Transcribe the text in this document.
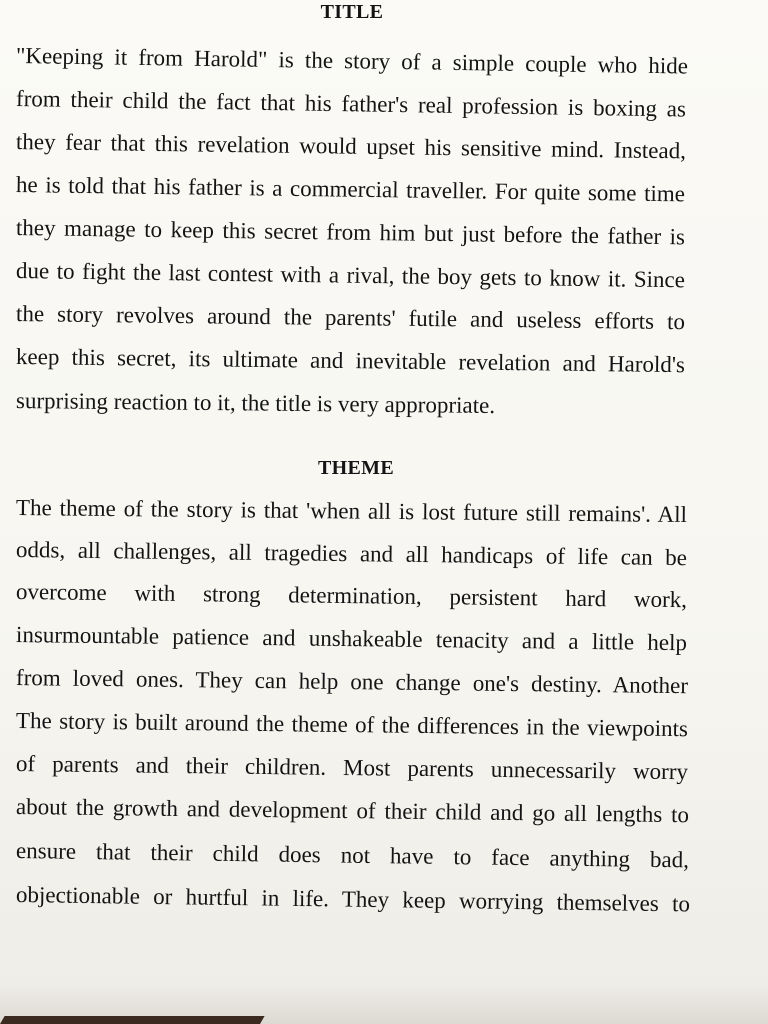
TITLE

"Keeping it from Harold" is the story of a simple couple who hide

from their child the fact that his father's real profession is boxing as

they fear that this revelation would upset his sensitive mind. Instead,

he is told that his father is a commercial traveller. For quite some time

they manage to keep this secret from him but just before the father is

due to fight the last contest with a rival, the boy gets to know it. Since

the story revolves around the parents' futile and useless efforts to

keep this secret, its ultimate and inevitable revelation and Harold's

surprising reaction to it, the title is very appropriate.

THEME

The theme of the story is that 'when all is lost future still remains'. All

odds, all challenges, all tragedies and all handicaps of life can be

overcome with strong determination, persistent hard work,

insurmountable patience and unshakeable tenacity and a little help

from loved ones. They can help one change one's destiny. Another

The story is built around the theme of the differences in the viewpoints

of parents and their children. Most parents unnecessarily worry

about the growth and development of their child and go all lengths to

ensure that their child does not have to face anything bad,

objectionable or hurtful in life. They keep worrying themselves to
